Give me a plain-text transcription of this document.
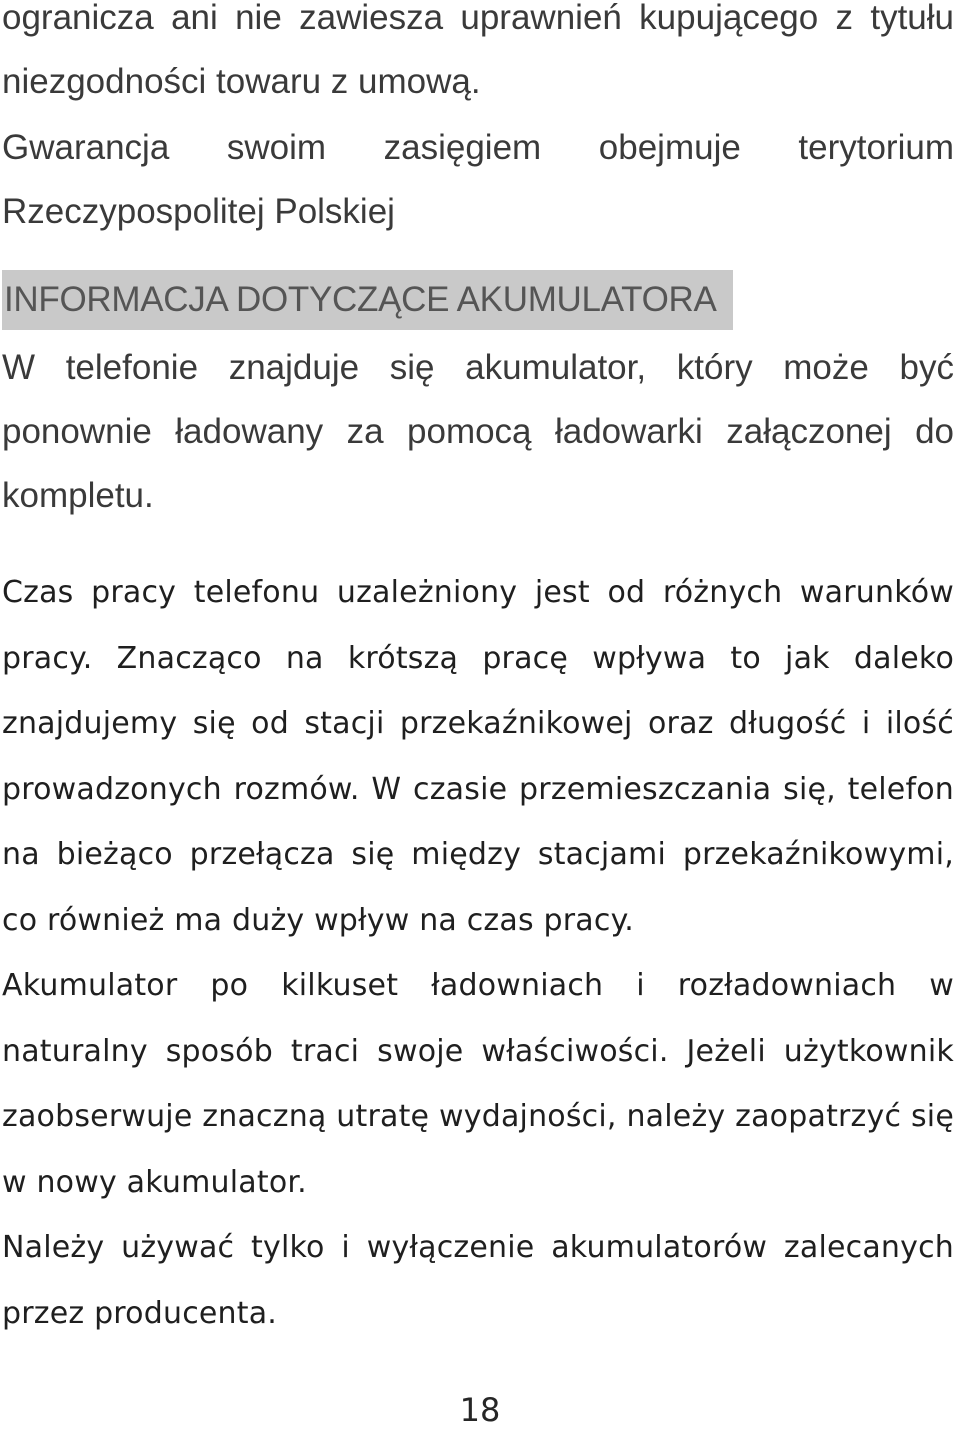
ogranicza ani nie zawiesza uprawnień kupującego z tytułu niezgodności towaru z umową.

Gwarancja swoim zasięgiem obejmuje terytorium Rzeczypospolitej Polskiej

INFORMACJA DOTYCZĄCE AKUMULATORA

W telefonie znajduje się akumulator, który może być ponownie ładowany za pomocą ładowarki załączonej do kompletu.

Czas pracy telefonu uzależniony jest od różnych warunków pracy. Znacząco na krótszą pracę wpływa to jak daleko znajdujemy się od stacji przekaźnikowej oraz długość i ilość prowadzonych rozmów. W czasie przemieszczania się, telefon na bieżąco przełącza się między stacjami przekaźnikowymi, co również ma duży wpływ na czas pracy.

Akumulator po kilkuset ładowniach i rozładowniach w naturalny sposób traci swoje właściwości. Jeżeli użytkownik zaobserwuje znaczną utratę wydajności, należy zaopatrzyć się w nowy akumulator.

Należy używać tylko i wyłączenie akumulatorów zalecanych przez producenta.

18
